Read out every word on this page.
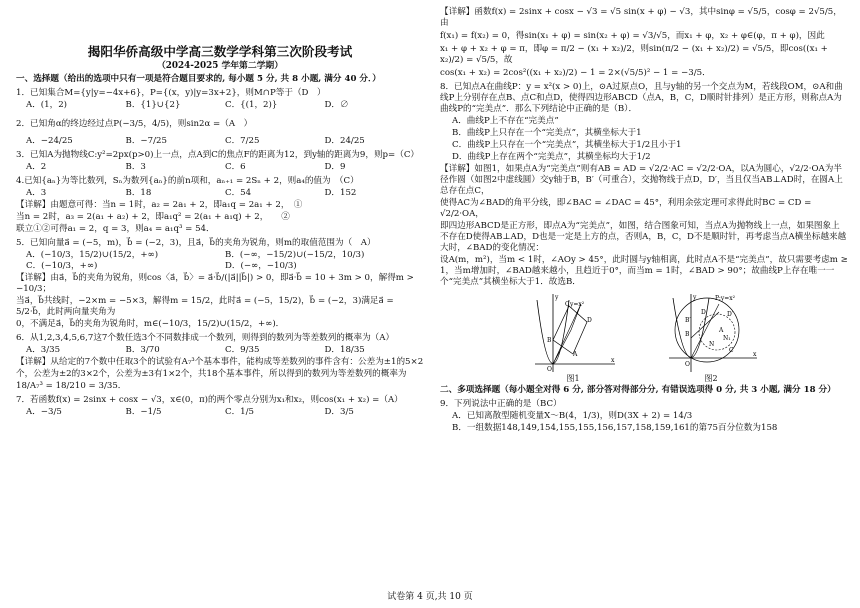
揭阳华侨高级中学高三数学学科第三次阶段考试
（2024-2025 学年第二学期）
一、选择题（给出的选项中只有一项是符合题目要求的, 每小题 5 分, 共 8 小题, 满分 40 分．）

1．已知集合M={y|y=−4x+6}，P={(x，y)|y=3x+2}，则M∩P等于（D　）

A．(1，2)	B．{1}∪{2}	C．{(1，2)}	D．∅

2．已知角α的终边经过点P(−3/5，4/5)，则sin2α =（A　）

A．−24/25	B．−7/25	C．7/25	D．24/25

3．已知A为抛物线C:y²=2px(p>0)上一点，点A到C的焦点F的距离为12，到y轴的距离为9，则p=（C）

A．2	B．3	C．6	D．9

4.已知{aₙ}为等比数列，Sₙ为数列{aₙ}的前n项和，aₙ₊₁ = 2Sₙ + 2，则a₄的值为　（C）

A．3	B．18	C．54	D．152

【详解】由题意可得：当n = 1时，a₂ = 2a₁ + 2，即a₁q = 2a₁ + 2，　①

当n = 2时，a₃ = 2(a₁ + a₂) + 2，即a₁q² = 2(a₁ + a₁q) + 2，　　②

联立①②可得a₁ = 2，q = 3，则a₄ = a₁q³ = 54．

5．已知向量a⃗ = (−5，m)，b⃗ = (−2，3)，且a⃗，b⃗的夹角为锐角，则m的取值范围为（　A）

A．(−10/3，15/2)∪(15/2，+∞)	B．(−∞，−15/2)∪(−15/2，10/3)
C．(−10/3，+∞)	D．(−∞，−10/3)

【详解】由a⃗，b⃗的夹角为锐角，则cos〈a⃗，b⃗〉= a⃗·b⃗/(|a⃗||b⃗|) > 0，即a⃗·b⃗ = 10 + 3m > 0，解得m > −10/3；

当a⃗，b⃗共线时，−2×m = −5×3，解得m = 15/2，此时a⃗ = (−5，15/2)，b⃗ = (−2，3)满足a⃗ = 5/2·b⃗，此时两向量夹角为

0，不满足a⃗，b⃗的夹角为锐角时，m∈(−10/3，15/2)∪(15/2，+∞)．

6．从1,2,3,4,5,6,7这7个数任选3个不同数排成一个数列，则得到的数列为等差数列的概率为（A）

A．3/35	B．3/70	C．9/35	D．18/35

【详解】从给定的7个数中任取3个的试验有A₇³个基本事件，能构成等差数列的事件含有：公差为±1的5×2

个，公差为±2的3×2个，公差为±3有1×2个，共18个基本事件，所以得到的数列为等差数列的概率为

18/A₇³ = 18/210 = 3/35．

7．若函数f(x) = 2sinx + cosx − √3，x∈(0，π)的两个零点分别为x₁和x₂，则cos(x₁ + x₂) =（A）

A．−3/5	B．−1/5	C．1/5	D．3/5

【详解】函数f(x) = 2sinx + cosx − √3 = √5 sin(x + φ) − √3，其中sinφ = √5/5，cosφ = 2√5/5，由

f(x₁) = f(x₂) = 0，得sin(x₁ + φ) = sin(x₂ + φ) = √3/√5，而x₁ + φ，x₂ + φ∈(φ，π + φ)，因此

x₁ + φ + x₂ + φ = π，即φ = π/2 − (x₁ + x₂)/2，则sin(π/2 − (x₁ + x₂)/2) = √5/5，即cos((x₁ + x₂)/2) = √5/5，故

cos(x₁ + x₂) = 2cos²((x₁ + x₂)/2) − 1 = 2×(√5/5)² − 1 = −3/5．

8．已知点A在曲线P：y = x²(x > 0)上，⊙A过原点O，且与y轴的另一个交点为M，若线段OM，⊙A和曲线P上分别存在点B、点C和点D，使得四边形ABCD（点A，B，C，D顺时针排列）是正方形，则称点A为曲线P的“完美点”．那么下列结论中正确的是（B）．

A．曲线P上不存在“完美点”

B．曲线P上只存在一个“完美点”，其横坐标大于1

C．曲线P上只存在一个“完美点”，其横坐标大于1/2且小于1

D．曲线P上存在两个“完美点”，其横坐标均大于1/2

【详解】如图1，如果点A为“完美点”则有AB = AD = √2/2·AC = √2/2·OA，以A为圆心，√2/2·OA为半径作圆（如图2中虚线圆）交y轴于B，B′（可重合），交抛物线于点D，D′，当且仅当AB⊥AD时，在圆A上总存在点C，

使得AC为∠BAD的角平分线，即∠BAC = ∠DAC = 45°，利用余弦定理可求得此时BC = CD = √2/2·OA，

即四边形ABCD是正方形，即点A为“完美点”，如图，结合图象可知，当点A为抛物线上一点，如果图象上不存在D使得AB⊥AD，D也是一定是上方的点，否则A，B，C，D不是顺时针，再考虑当点A横坐标越来越大时，∠BAD的变化情况：

设A(m，m²)，当m < 1时，∠AOy > 45°，此时圆与y轴相离，此时点A不是“完美点”，故只需要考虑m ≥ 1，当m增加时，∠BAD越来越小，且趋近于0°，而当m = 1时，∠BAD > 90°；故曲线P上存在唯一一个“完美点”其横坐标大于1．故选B．

y=x²
A
B
C
D
O
x
y
图1
P:y=x²
A
B
B′
C
D	D′
N
N₁
O
x
y
图2
二、多项选择题（每小题全对得 6 分, 部分答对得部分分, 有错误选项得 0 分, 共 3 小题, 满分 18 分）

9．下列说法中正确的是（BC）

A．已知离散型随机变量X～B(4，1/3)，则D(3X + 2) = 14/3

B．一组数据148,149,154,155,155,156,157,158,159,161的第75百分位数为158

试卷第 4 页,共 10 页
